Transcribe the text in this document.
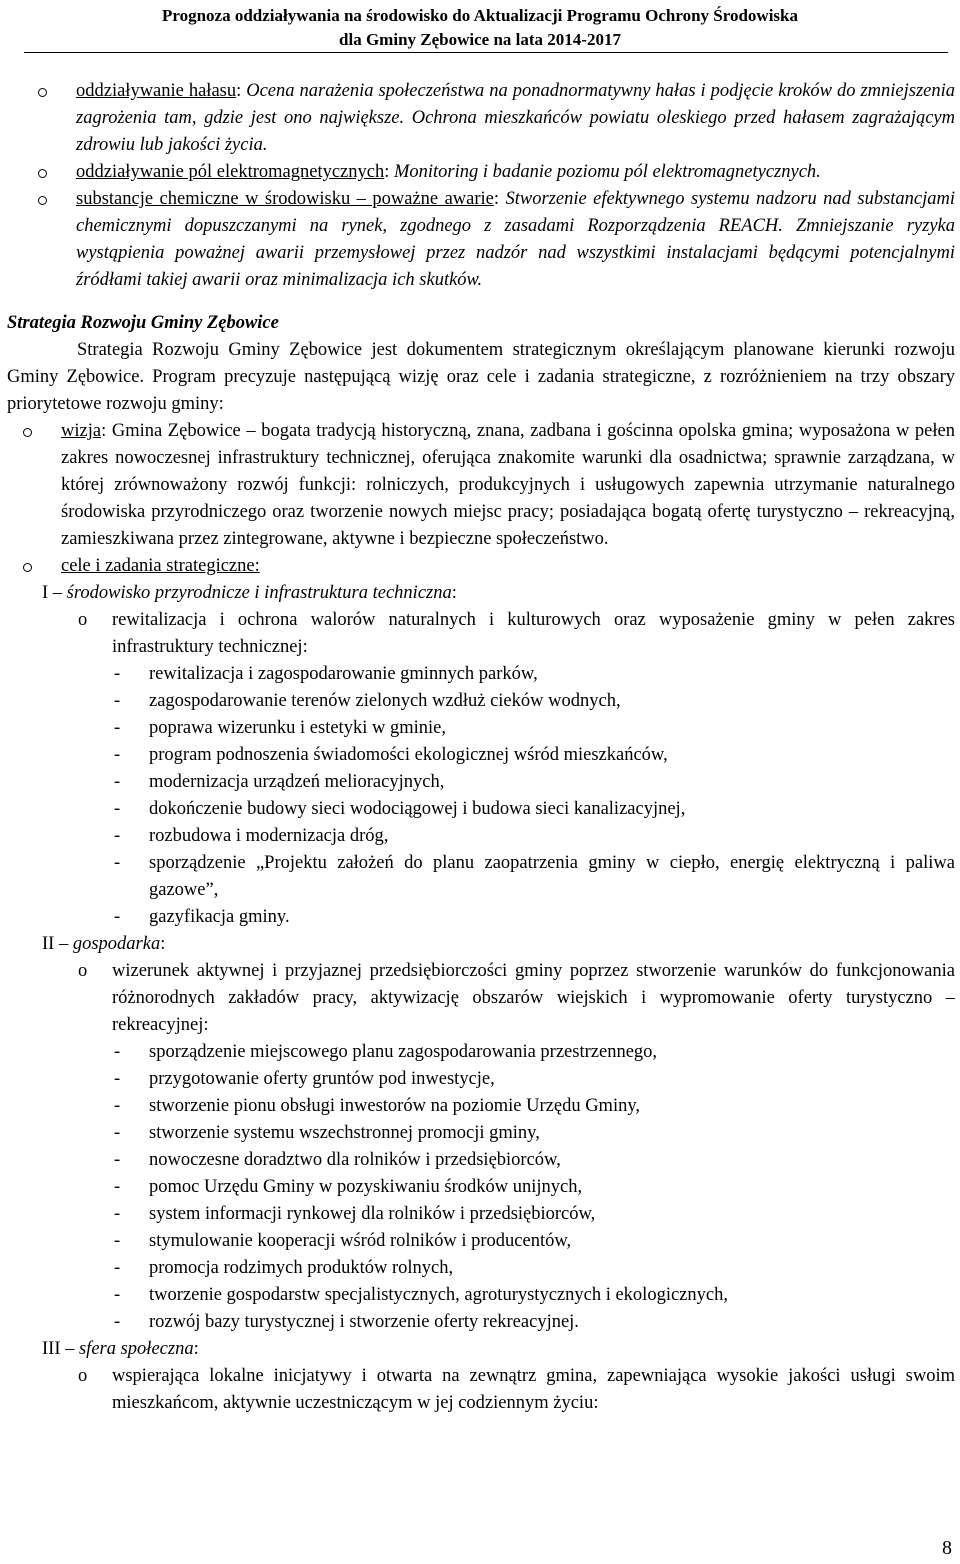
Prognoza oddziaływania na środowisko do Aktualizacji Programu Ochrony Środowiska
dla Gminy Zębowice na lata 2014-2017
oddziaływanie hałasu: Ocena narażenia społeczeństwa na ponadnormatywny hałas i podjęcie kroków do zmniejszenia zagrożenia tam, gdzie jest ono największe. Ochrona mieszkańców powiatu oleskiego przed hałasem zagrażającym zdrowiu lub jakości życia.
oddziaływanie pól elektromagnetycznych: Monitoring i badanie poziomu pól elektromagnetycznych.
substancje chemiczne w środowisku – poważne awarie: Stworzenie efektywnego systemu nadzoru nad substancjami chemicznymi dopuszczanymi na rynek, zgodnego z zasadami Rozporządzenia REACH. Zmniejszanie ryzyka wystąpienia poważnej awarii przemysłowej przez nadzór nad wszystkimi instalacjami będącymi potencjalnymi źródłami takiej awarii oraz minimalizacja ich skutków.
Strategia Rozwoju Gminy Zębowice
Strategia Rozwoju Gminy Zębowice jest dokumentem strategicznym określającym planowane kierunki rozwoju Gminy Zębowice. Program precyzuje następującą wizję oraz cele i zadania strategiczne, z rozróżnieniem na trzy obszary priorytetowe rozwoju gminy:
wizja: Gmina Zębowice – bogata tradycją historyczną, znana, zadbana i gościnna opolska gmina; wyposażona w pełen zakres nowoczesnej infrastruktury technicznej, oferująca znakomite warunki dla osadnictwa; sprawnie zarządzana, w której zrównoważony rozwój funkcji: rolniczych, produkcyjnych i usługowych zapewnia utrzymanie naturalnego środowiska przyrodniczego oraz tworzenie nowych miejsc pracy; posiadająca bogatą ofertę turystyczno – rekreacyjną, zamieszkiwana przez zintegrowane, aktywne i bezpieczne społeczeństwo.
cele i zadania strategiczne:
I – środowisko przyrodnicze i infrastruktura techniczna:
o rewitalizacja i ochrona walorów naturalnych i kulturowych oraz wyposażenie gminy w pełen zakres infrastruktury technicznej:
- rewitalizacja i zagospodarowanie gminnych parków,
- zagospodarowanie terenów zielonych wzdłuż cieków wodnych,
- poprawa wizerunku i estetyki w gminie,
- program podnoszenia świadomości ekologicznej wśród mieszkańców,
- modernizacja urządzeń melioracyjnych,
- dokończenie budowy sieci wodociągowej i budowa sieci kanalizacyjnej,
- rozbudowa i modernizacja dróg,
- sporządzenie „Projektu założeń do planu zaopatrzenia gminy w ciepło, energię elektryczną i paliwa gazowe”,
- gazyfikacja gminy.
II – gospodarka:
o wizerunek aktywnej i przyjaznej przedsiębiorczości gminy poprzez stworzenie warunków do funkcjonowania różnorodnych zakładów pracy, aktywizację obszarów wiejskich i wypromowanie oferty turystyczno – rekreacyjnej:
- sporządzenie miejscowego planu zagospodarowania przestrzennego,
- przygotowanie oferty gruntów pod inwestycje,
- stworzenie pionu obsługi inwestorów na poziomie Urzędu Gminy,
- stworzenie systemu wszechstronnej promocji gminy,
- nowoczesne doradztwo dla rolników i przedsiębiorców,
- pomoc Urzędu Gminy w pozyskiwaniu środków unijnych,
- system informacji rynkowej dla rolników i przedsiębiorców,
- stymulowanie kooperacji wśród rolników i producentów,
- promocja rodzimych produktów rolnych,
- tworzenie gospodarstw specjalistycznych, agroturystycznych i ekologicznych,
- rozwój bazy turystycznej i stworzenie oferty rekreacyjnej.
III – sfera społeczna:
o wspierająca lokalne inicjatywy i otwarta na zewnątrz gmina, zapewniająca wysokie jakości usługi swoim mieszkańcom, aktywnie uczestniczącym w jej codziennym życiu:
8
